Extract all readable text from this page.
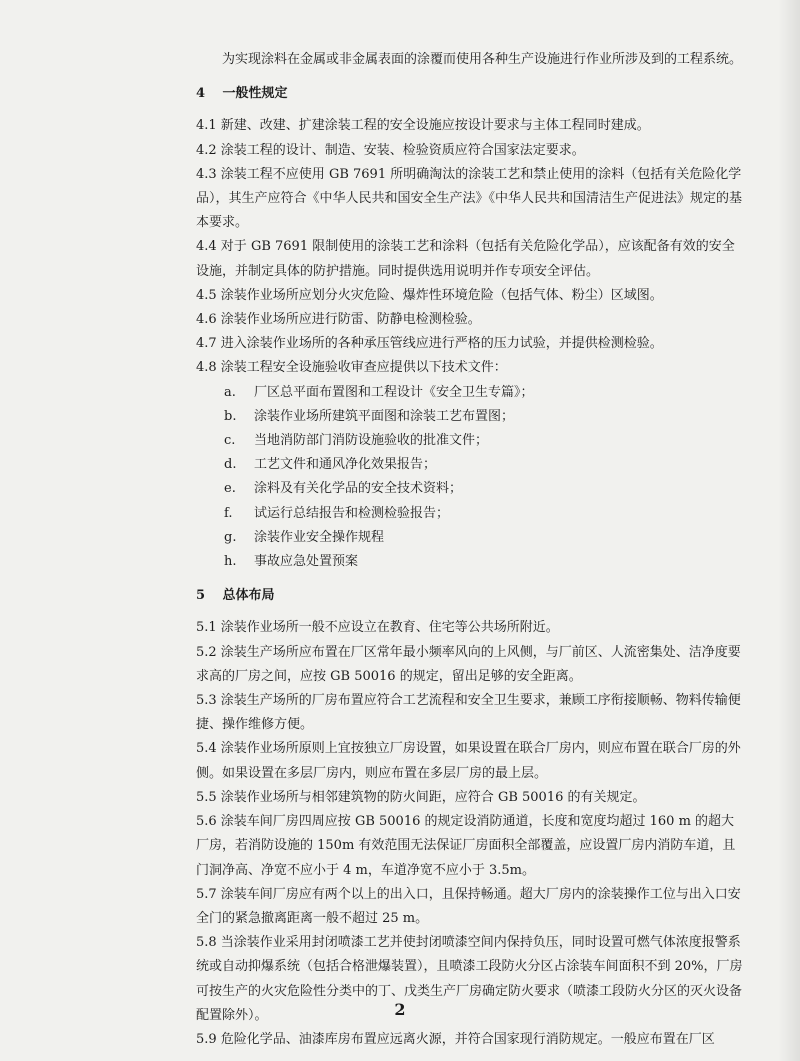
为实现涂料在金属或非金属表面的涂覆而使用各种生产设施进行作业所涉及到的工程系统。

4 一般性规定

4.1 新建、改建、扩建涂装工程的安全设施应按设计要求与主体工程同时建成。

4.2 涂装工程的设计、制造、安装、检验资质应符合国家法定要求。

4.3 涂装工程不应使用 GB 7691 所明确淘汰的涂装工艺和禁止使用的涂料（包括有关危险化学品），其生产应符合《中华人民共和国安全生产法》《中华人民共和国清洁生产促进法》规定的基本要求。

4.4 对于 GB 7691 限制使用的涂装工艺和涂料（包括有关危险化学品），应该配备有效的安全设施，并制定具体的防护措施。同时提供选用说明并作专项安全评估。

4.5 涂装作业场所应划分火灾危险、爆炸性环境危险（包括气体、粉尘）区域图。

4.6 涂装作业场所应进行防雷、防静电检测检验。

4.7 进入涂装作业场所的各种承压管线应进行严格的压力试验，并提供检测检验。

4.8 涂装工程安全设施验收审查应提供以下技术文件：

a.	厂区总平面布置图和工程设计《安全卫生专篇》；
b.	涂装作业场所建筑平面图和涂装工艺布置图；
c.	当地消防部门消防设施验收的批准文件；
d.	工艺文件和通风净化效果报告；
e.	涂料及有关化学品的安全技术资料；
f.	试运行总结报告和检测检验报告；
g.	涂装作业安全操作规程
h.	事故应急处置预案
5 总体布局

5.1 涂装作业场所一般不应设立在教育、住宅等公共场所附近。

5.2 涂装生产场所应布置在厂区常年最小频率风向的上风侧，与厂前区、人流密集处、洁净度要求高的厂房之间，应按 GB 50016 的规定，留出足够的安全距离。

5.3 涂装生产场所的厂房布置应符合工艺流程和安全卫生要求，兼顾工序衔接顺畅、物料传输便捷、操作维修方便。

5.4 涂装作业场所原则上宜按独立厂房设置，如果设置在联合厂房内，则应布置在联合厂房的外侧。如果设置在多层厂房内，则应布置在多层厂房的最上层。

5.5 涂装作业场所与相邻建筑物的防火间距，应符合 GB 50016 的有关规定。

5.6 涂装车间厂房四周应按 GB 50016 的规定设消防通道，长度和宽度均超过 160 m 的超大厂房，若消防设施的 150m 有效范围无法保证厂房面积全部覆盖，应设置厂房内消防车道，且门洞净高、净宽不应小于 4 m，车道净宽不应小于 3.5m。

5.7 涂装车间厂房应有两个以上的出入口，且保持畅通。超大厂房内的涂装操作工位与出入口安全门的紧急撤离距离一般不超过 25 m。

5.8 当涂装作业采用封闭喷漆工艺并使封闭喷漆空间内保持负压，同时设置可燃气体浓度报警系统或自动抑爆系统（包括合格泄爆装置），且喷漆工段防火分区占涂装车间面积不到 20%，厂房可按生产的火灾危险性分类中的丁、戊类生产厂房确定防火要求（喷漆工段防火分区的灭火设备配置除外）。

5.9 危险化学品、油漆库房布置应远离火源，并符合国家现行消防规定。一般应布置在厂区

2
